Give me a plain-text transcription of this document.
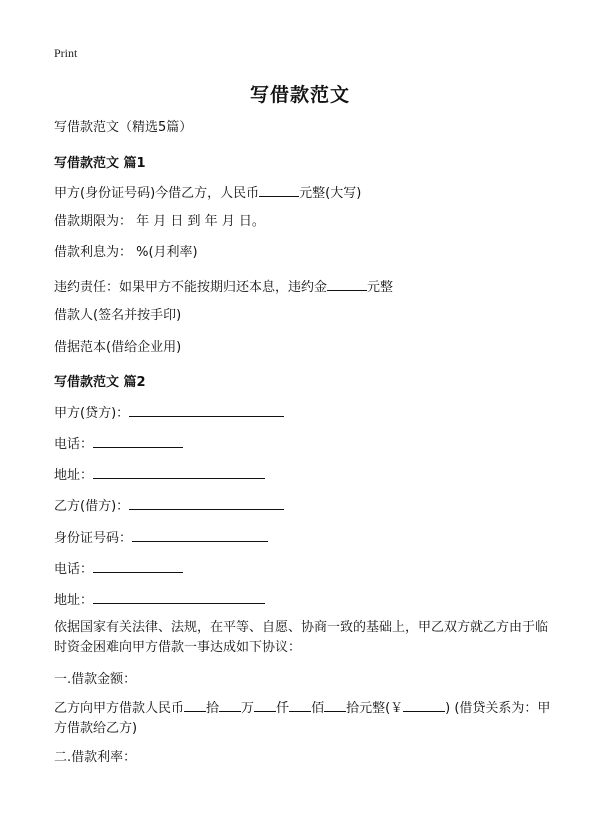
Print
写借款范文
写借款范文（精选5篇）
写借款范文 篇1
甲方(身份证号码)今借乙方，人民币	元整(大写)
借款期限为： 年 月 日 到 年 月 日。
借款利息为： %(月利率)
违约责任：如果甲方不能按期归还本息，违约金	元整
借款人(签名并按手印)
借据范本(借给企业用)
写借款范文 篇2
甲方(贷方)：
电话：
地址：
乙方(借方)：
身份证号码：
电话：
地址：
依据国家有关法律、法规，在平等、自愿、协商一致的基础上，甲乙双方就乙方由于临时资金困难向甲方借款一事达成如下协议：
一.借款金额：
乙方向甲方借款人民币 拾 万 仟 佰 拾元整(￥	) (借贷关系为：甲方借款给乙方)
二.借款利率：
